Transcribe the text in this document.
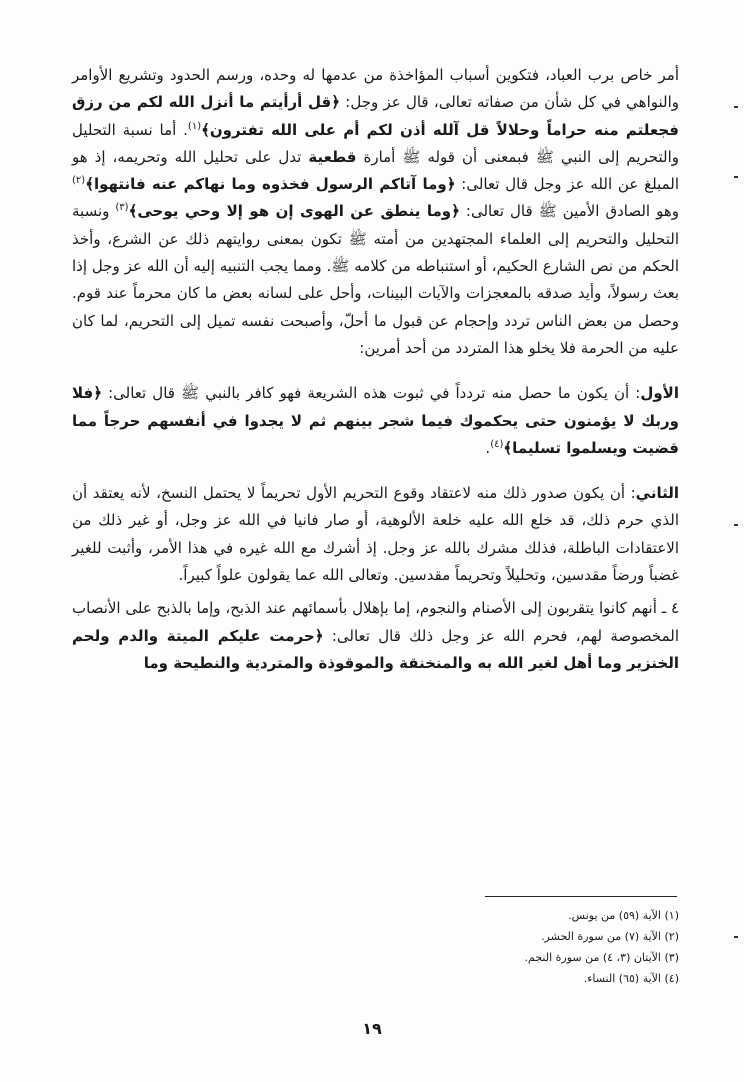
أمر خاص برب العباد، فتكوين أسباب المؤاخذة من عدمها له وحده، ورسم الحدود وتشريع الأوامر والنواهي في كل شأن من صفاته تعالى، قال عز وجل: ﴿قل أرأيتم ما أنزل الله لكم من رزق فجعلتم منه حراماً وحلالاً قل آلله أذن لكم أم على الله تفترون﴾$^{(١)}$. أما نسبة التحليل والتحريم إلى النبي ﷺ فبمعنى أن قوله ﷺ أمارة قطعية تدل على تحليل الله وتحريمه، إذ هو المبلغ عن الله عز وجل قال تعالى: ﴿وما آتاكم الرسول فخذوه وما نهاكم عنه فانتهوا﴾$^{(٢)}$ وهو الصادق الأمين ﷺ قال تعالى: ﴿وما ينطق عن الهوى إن هو إلا وحي يوحى﴾$^{(٣)}$ ونسبة التحليل والتحريم إلى العلماء المجتهدين من أمته ﷺ تكون بمعنى روايتهم ذلك عن الشرع، وأخذ الحكم من نص الشارع الحكيم، أو استنباطه من كلامه ﷺ. ومما يجب التنبيه إليه أن الله عز وجل إذا بعث رسولاً، وأيد صدقه بالمعجزات والآيات البينات، وأحل على لسانه بعض ما كان محرماً عند قوم. وحصل من بعض الناس تردد وإحجام عن قبول ما أحلّ، وأصبحت نفسه تميل إلى التحريم، لما كان عليه من الحرمة فلا يخلو هذا المتردد من أحد أمرين:

الأول: أن يكون ما حصل منه تردداً في ثبوت هذه الشريعة فهو كافر بالنبي ﷺ قال تعالى: ﴿فلا وربك لا يؤمنون حتى يحكموك فيما شجر بينهم ثم لا يجدوا في أنفسهم حرجاً مما قضيت ويسلموا تسليما﴾$^{(٤)}$.

الثاني: أن يكون صدور ذلك منه لاعتقاد وقوع التحريم الأول تحريماً لا يحتمل النسخ، لأنه يعتقد أن الذي حرم ذلك، قد خلع الله عليه خلعة الألوهية، أو صار فانيا في الله عز وجل، أو غير ذلك من الاعتقادات الباطلة، فذلك مشرك بالله عز وجل. إذ أشرك مع الله غيره في هذا الأمر، وأثبت للغير غضباً ورضاً مقدسين، وتحليلاً وتحريماً مقدسين. وتعالى الله عما يقولون علواً كبيراً.

٤ ـ أنهم كانوا يتقربون إلى الأصنام والنجوم، إما بإهلال بأسمائهم عند الذبح، وإما بالذبح على الأنصاب المخصوصة لهم، فحرم الله عز وجل ذلك قال تعالى: ﴿حرمت عليكم الميتة والدم ولحم الخنزير وما أهل لغير الله به والمنخنقة والموقوذة والمتردية والنطيحة وما

(١) الآية (٥٩) من يونس.
(٢) الآية (٧) من سورة الحشر.
(٣) الآيتان (٣، ٤) من سورة النجم.
(٤) الآية (٦٥) النساء.
١٩
